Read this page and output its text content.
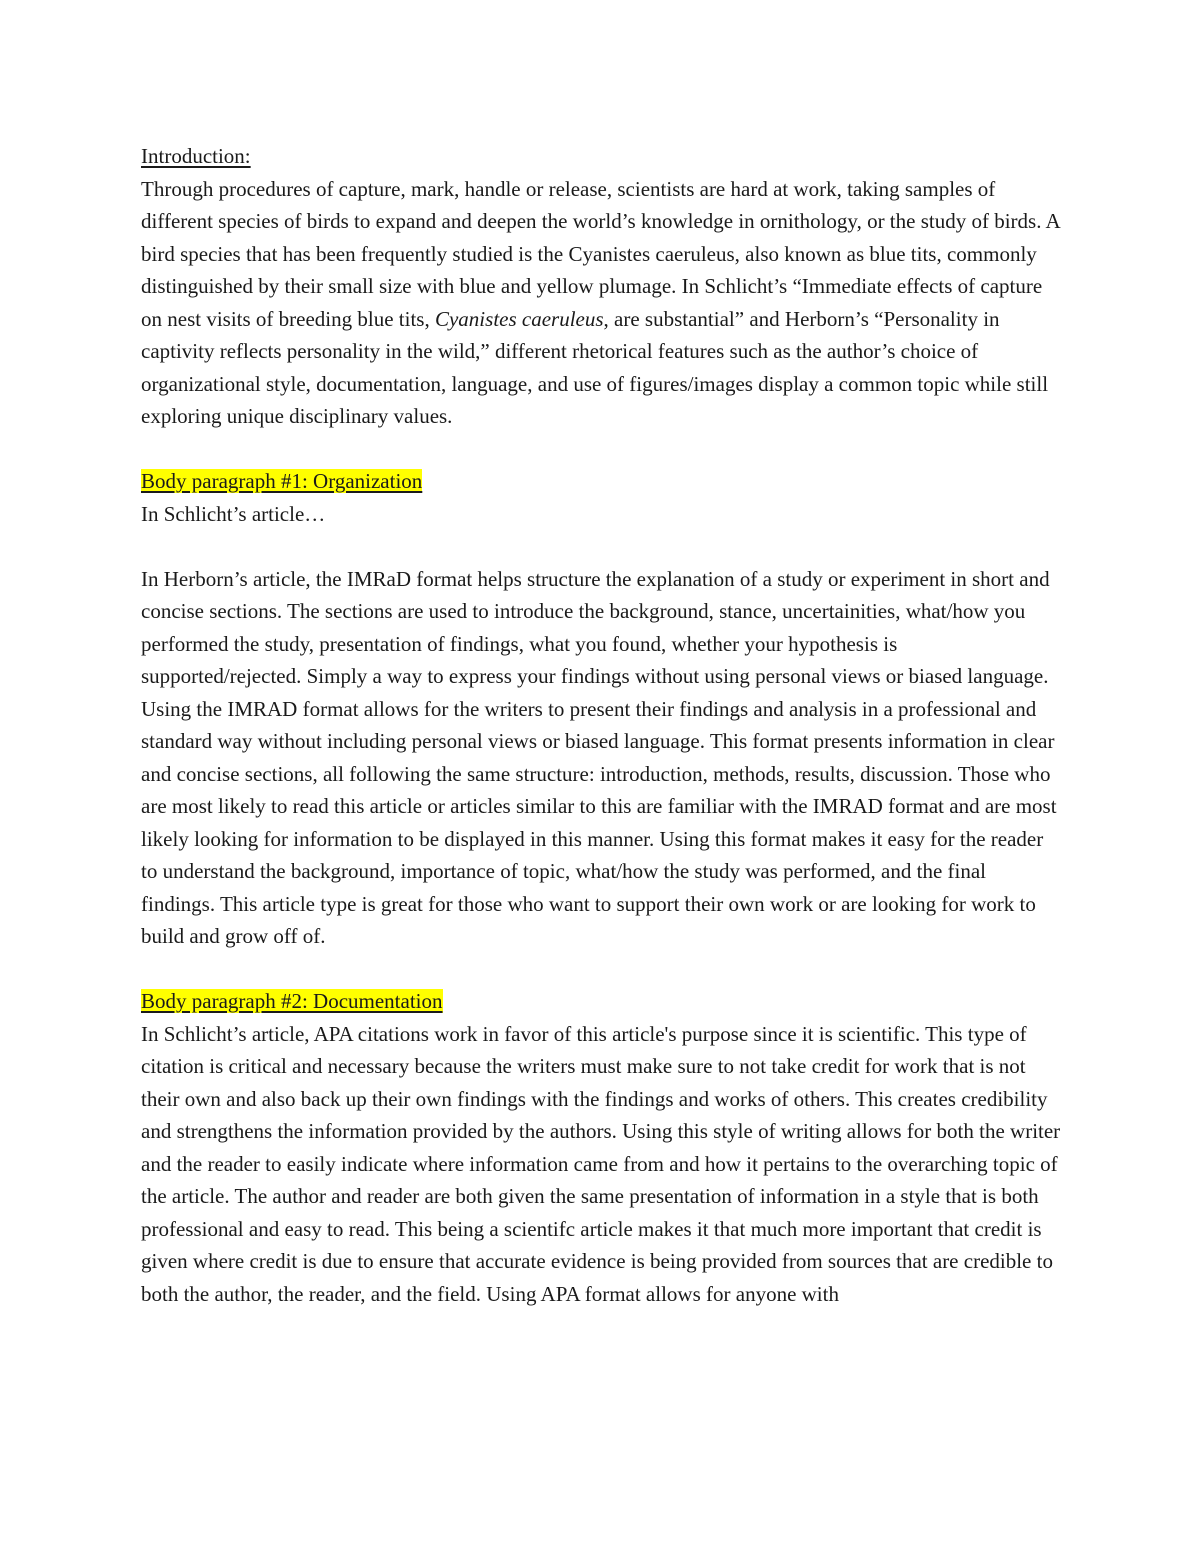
Introduction:

Through procedures of capture, mark, handle or release, scientists are hard at work, taking samples of different species of birds to expand and deepen the world’s knowledge in ornithology, or the study of birds. A bird species that has been frequently studied is the Cyanistes caeruleus, also known as blue tits, commonly distinguished by their small size with blue and yellow plumage. In Schlicht’s “Immediate effects of capture on nest visits of breeding blue tits, Cyanistes caeruleus, are substantial” and Herborn’s “Personality in captivity reflects personality in the wild,” different rhetorical features such as the author’s choice of organizational style, documentation, language, and use of figures/images display a common topic while still exploring unique disciplinary values.

Body paragraph #1: Organization

In Schlicht’s article…

In Herborn’s article, the IMRaD format helps structure the explanation of a study or experiment in short and concise sections. The sections are used to introduce the background, stance, uncertainities, what/how you performed the study, presentation of findings, what you found, whether your hypothesis is supported/rejected. Simply a way to express your findings without using personal views or biased language. Using the IMRAD format allows for the writers to present their findings and analysis in a professional and standard way without including personal views or biased language. This format presents information in clear and concise sections, all following the same structure: introduction, methods, results, discussion. Those who are most likely to read this article or articles similar to this are familiar with the IMRAD format and are most likely looking for information to be displayed in this manner. Using this format makes it easy for the reader to understand the background, importance of topic, what/how the study was performed, and the final findings. This article type is great for those who want to support their own work or are looking for work to build and grow off of.

Body paragraph #2: Documentation

In Schlicht’s article, APA citations work in favor of this article's purpose since it is scientific. This type of citation is critical and necessary because the writers must make sure to not take credit for work that is not their own and also back up their own findings with the findings and works of others. This creates credibility and strengthens the information provided by the authors. Using this style of writing allows for both the writer and the reader to easily indicate where information came from and how it pertains to the overarching topic of the article. The author and reader are both given the same presentation of information in a style that is both professional and easy to read. This being a scientifc article makes it that much more important that credit is given where credit is due to ensure that accurate evidence is being provided from sources that are credible to both the author, the reader, and the field. Using APA format allows for anyone with
